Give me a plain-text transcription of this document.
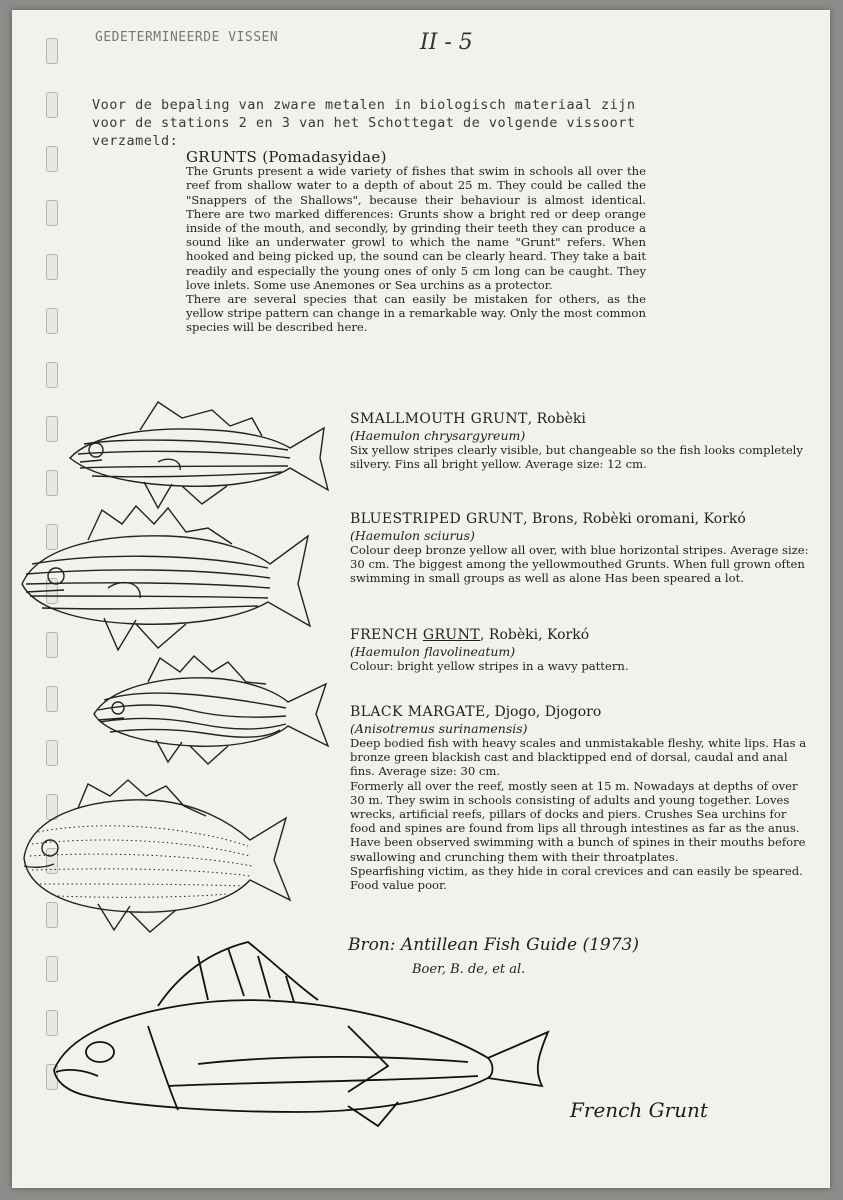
GEDETERMINEERDE VISSEN	II - 5
Voor de bepaling van zware metalen in biologisch materiaal zijn
voor de stations 2 en 3 van het Schottegat de volgende vissoort
verzameld:
GRUNTS (Pomadasyidae)

The Grunts present a wide variety of fishes that swim in schools all over the reef from shallow water to a depth of about 25 m. They could be called the "Snappers of the Shallows", because their behaviour is almost identical. There are two marked differences: Grunts show a bright red or deep orange inside of the mouth, and secondly, by grinding their teeth they can produce a sound like an underwater growl to which the name "Grunt" refers. When hooked and being picked up, the sound can be clearly heard. They take a bait readily and especially the young ones of only 5 cm long can be caught. They love inlets. Some use Anemones or Sea urchins as a protector.

There are several species that can easily be mistaken for others, as the yellow stripe pattern can change in a remarkable way. Only the most common species will be described here.

SMALLMOUTH GRUNT, Robèki

(Haemulon chrysargyreum)

Six yellow stripes clearly visible, but changeable so the fish looks completely silvery. Fins all bright yellow. Average size: 12 cm.

BLUESTRIPED GRUNT, Brons, Robèki oromani, Korkó

(Haemulon sciurus)

Colour deep bronze yellow all over, with blue horizontal stripes. Average size: 30 cm. The biggest among the yellowmouthed Grunts. When full grown often swimming in small groups as well as alone Has been speared a lot.

FRENCH GRUNT, Robèki, Korkó

(Haemulon flavolineatum)

Colour: bright yellow stripes in a wavy pattern.

BLACK MARGATE, Djogo, Djogoro

(Anisotremus surinamensis)

Deep bodied fish with heavy scales and unmistakable fleshy, white lips. Has a bronze green blackish cast and blacktipped end of dorsal, caudal and anal fins. Average size: 30 cm.

Formerly all over the reef, mostly seen at 15 m. Nowadays at depths of over 30 m. They swim in schools consisting of adults and young together. Loves wrecks, artificial reefs, pillars of docks and piers. Crushes Sea urchins for food and spines are found from lips all through intestines as far as the anus. Have been observed swimming with a bunch of spines in their mouths before swallowing and crunching them with their throatplates.

Spearfishing victim, as they hide in coral crevices and can easily be speared. Food value poor.

Bron: Antillean Fish Guide (1973)
Boer, B. de, et al.
French Grunt
